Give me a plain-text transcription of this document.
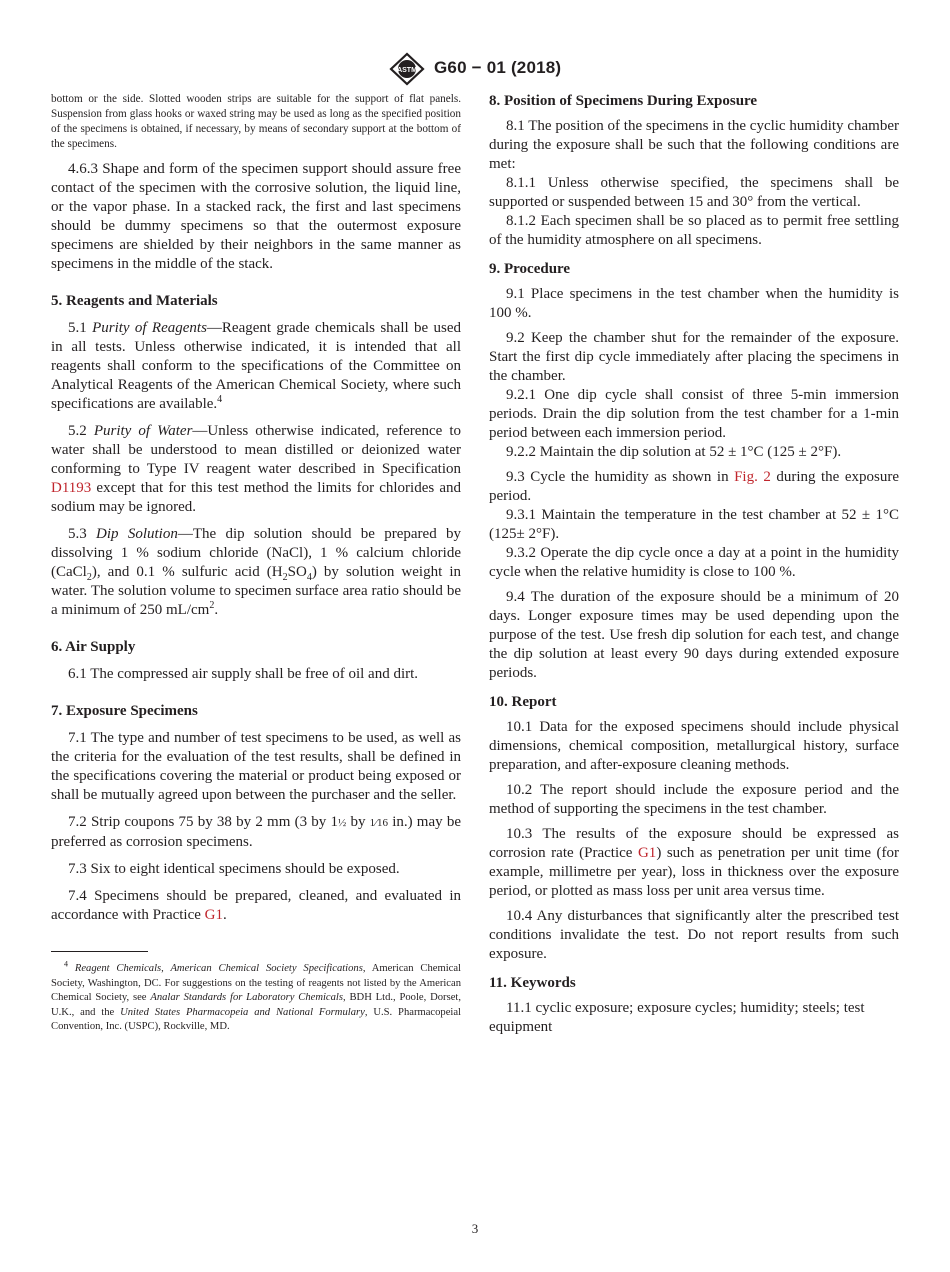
ASTM G60 − 01 (2018)

bottom or the side. Slotted wooden strips are suitable for the support of flat panels. Suspension from glass hooks or waxed string may be used as long as the specified position of the specimens is obtained, if necessary, by means of secondary support at the bottom of the specimens.

4.6.3 Shape and form of the specimen support should assure free contact of the specimen with the corrosive solution, the liquid line, or the vapor phase. In a stacked rack, the first and last specimens should be dummy specimens so that the outermost exposure specimens are shielded by their neighbors in the same manner as specimens in the middle of the stack.

5. Reagents and Materials

5.1 Purity of Reagents—Reagent grade chemicals shall be used in all tests. Unless otherwise indicated, it is intended that all reagents shall conform to the specifications of the Committee on Analytical Reagents of the American Chemical Society, where such specifications are available.$^4$

5.2 Purity of Water—Unless otherwise indicated, reference to water shall be understood to mean distilled or deionized water conforming to Type IV reagent water described in Specification D1193 except that for this test method the limits for chlorides and sodium may be ignored.

5.3 Dip Solution—The dip solution should be prepared by dissolving 1 % sodium chloride (NaCl), 1 % calcium chloride (CaCl$_2$), and 0.1 % sulfuric acid $(H_2SO_4)$ by solution weight in water. The solution volume to specimen surface area ratio should be a minimum of 250 $mL/cm^2$.

6. Air Supply

6.1 The compressed air supply shall be free of oil and dirt.

7. Exposure Specimens

7.1 The type and number of test specimens to be used, as well as the criteria for the evaluation of the test results, shall be defined in the specifications covering the material or product being exposed or shall be mutually agreed upon between the purchaser and the seller.

7.2 Strip coupons 75 by 38 by 2 mm (3 by 1½ by 1⁄16 in.) may be preferred as corrosion specimens.

7.3 Six to eight identical specimens should be exposed.

7.4 Specimens should be prepared, cleaned, and evaluated in accordance with Practice G1.

$^4$ Reagent Chemicals, American Chemical Society Specifications, American Chemical Society, Washington, DC. For suggestions on the testing of reagents not listed by the American Chemical Society, see Analar Standards for Laboratory Chemicals, BDH Ltd., Poole, Dorset, U.K., and the United States Pharmacopeia and National Formulary, U.S. Pharmacopeial Convention, Inc. (USPC), Rockville, MD.

8. Position of Specimens During Exposure

8.1 The position of the specimens in the cyclic humidity chamber during the exposure shall be such that the following conditions are met:

8.1.1 Unless otherwise specified, the specimens shall be supported or suspended between 15 and 30° from the vertical.

8.1.2 Each specimen shall be so placed as to permit free settling of the humidity atmosphere on all specimens.

9. Procedure

9.1 Place specimens in the test chamber when the humidity is 100 %.

9.2 Keep the chamber shut for the remainder of the exposure. Start the first dip cycle immediately after placing the specimens in the chamber.

9.2.1 One dip cycle shall consist of three 5-min immersion periods. Drain the dip solution from the test chamber for a 1-min period between each immersion period.

9.2.2 Maintain the dip solution at 52 ± 1°C (125 ± 2°F).

9.3 Cycle the humidity as shown in Fig. 2 during the exposure period.

9.3.1 Maintain the temperature in the test chamber at 52 ± 1°C (125± 2°F).

9.3.2 Operate the dip cycle once a day at a point in the humidity cycle when the relative humidity is close to 100 %.

9.4 The duration of the exposure should be a minimum of 20 days. Longer exposure times may be used depending upon the purpose of the test. Use fresh dip solution for each test, and change the dip solution at least every 90 days during extended exposure periods.

10. Report

10.1 Data for the exposed specimens should include physical dimensions, chemical composition, metallurgical history, surface preparation, and after-exposure cleaning methods.

10.2 The report should include the exposure period and the method of supporting the specimens in the test chamber.

10.3 The results of the exposure should be expressed as corrosion rate (Practice G1) such as penetration per unit time (for example, millimetre per year), loss in thickness over the exposure period, or plotted as mass loss per unit area versus time.

10.4 Any disturbances that significantly alter the prescribed test conditions invalidate the test. Do not report results from such exposure.

11. Keywords

11.1 cyclic exposure; exposure cycles; humidity; steels; test equipment

3
